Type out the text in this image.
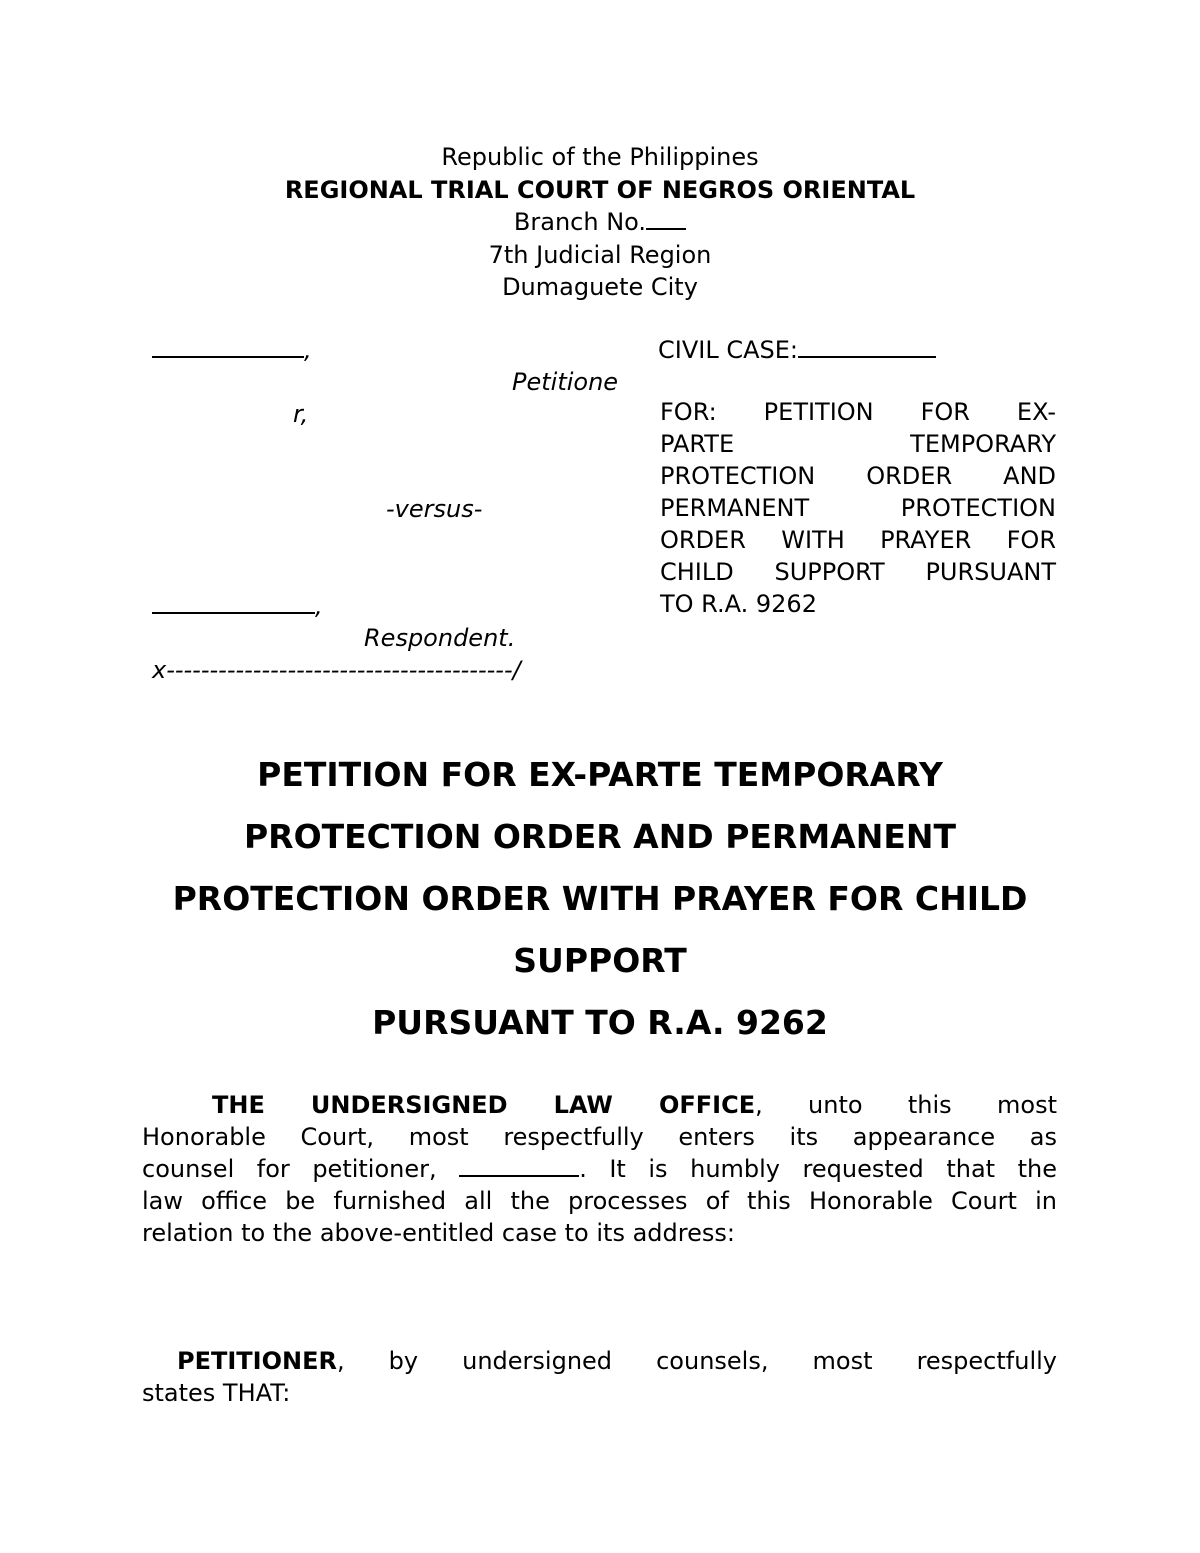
Republic of the Philippines
REGIONAL TRIAL COURT OF NEGROS ORIENTAL
Branch No.
7th Judicial Region
Dumaguete City
,
Petitione
r,
-versus-
,
Respondent.
x----------------------------------------/
CIVIL CASE:
FOR: PETITION FOR EX-
PARTE TEMPORARY
PROTECTION ORDER AND
PERMANENT PROTECTION
ORDER WITH PRAYER FOR
CHILD SUPPORT PURSUANT
TO R.A. 9262
PETITION FOR EX-PARTE TEMPORARY
PROTECTION ORDER AND PERMANENT
PROTECTION ORDER WITH PRAYER FOR CHILD
SUPPORT
PURSUANT TO R.A. 9262
THE UNDERSIGNED LAW OFFICE, unto this most
Honorable Court, most respectfully enters its appearance as
counsel for petitioner,	. It is humbly requested that the
law office be furnished all the processes of this Honorable Court in
relation to the above-entitled case to its address:
PETITIONER, by undersigned counsels, most respectfully
states THAT:
